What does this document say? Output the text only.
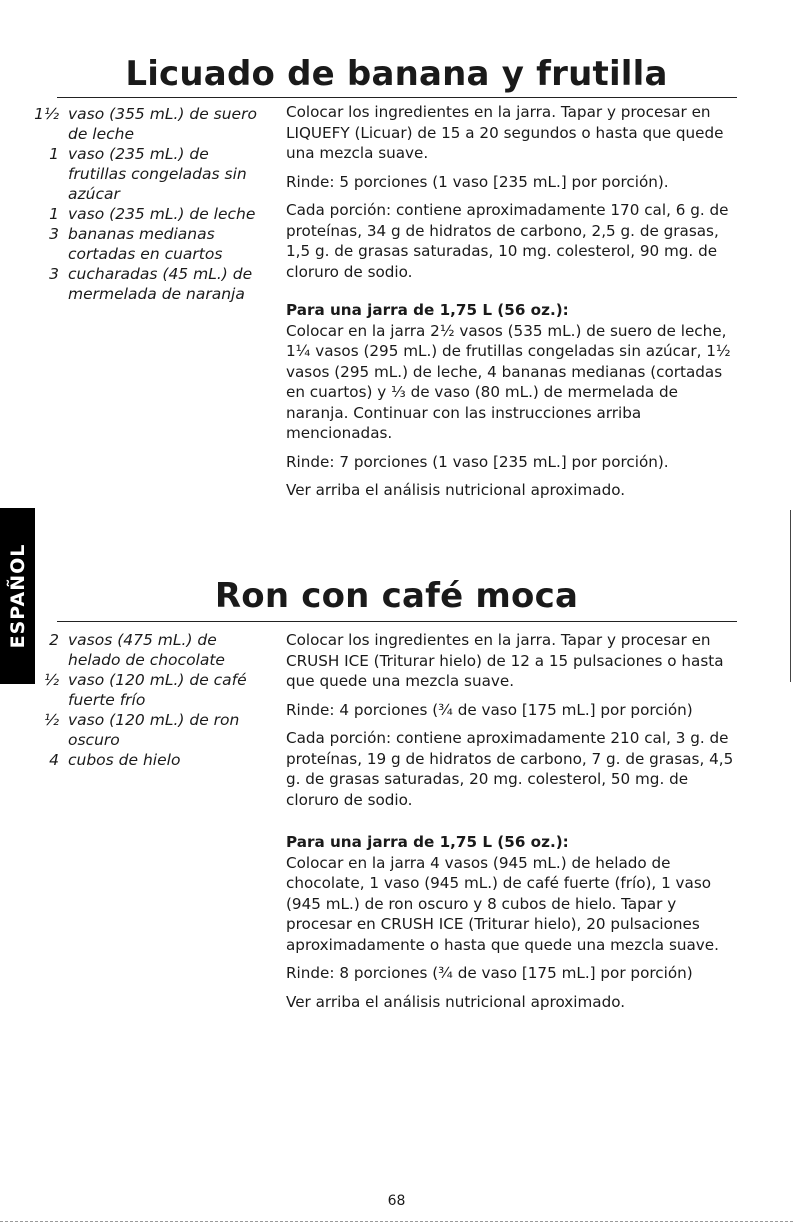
Licuado de banana y frutilla
1½ vaso (355 mL.) de suero de leche
1 vaso (235 mL.) de frutillas congeladas sin azúcar
1 vaso (235 mL.) de leche
3 bananas medianas cortadas en cuartos
3 cucharadas (45 mL.) de mermelada de naranja

Colocar los ingredientes en la jarra. Tapar y procesar en LIQUEFY (Licuar) de 15 a 20 segundos o hasta que quede una mezcla suave.

Rinde: 5 porciones (1 vaso [235 mL.] por porción).

Cada porción: contiene aproximadamente 170 cal, 6 g. de proteínas, 34 g de hidratos de carbono, 2,5 g. de grasas, 1,5 g. de grasas saturadas, 10 mg. colesterol, 90 mg. de cloruro de sodio.

Para una jarra de 1,75 L (56 oz.):

Colocar en la jarra 2½ vasos (535 mL.) de suero de leche, 1¼ vasos (295 mL.) de frutillas congeladas sin azúcar, 1½ vasos (295 mL.) de leche, 4 bananas medianas (cortadas en cuartos) y ⅓ de vaso (80 mL.) de mermelada de naranja. Continuar con las instrucciones arriba mencionadas.

Rinde: 7 porciones (1 vaso [235 mL.] por porción).

Ver arriba el análisis nutricional aproximado.

ESPAÑOL	Ron con café moca
2 vasos (475 mL.) de helado de chocolate
½ vaso (120 mL.) de café fuerte frío
½ vaso (120 mL.) de ron oscuro
4 cubos de hielo

Colocar los ingredientes en la jarra. Tapar y procesar en CRUSH ICE (Triturar hielo) de 12 a 15 pulsaciones o hasta que quede una mezcla suave.

Rinde: 4 porciones (¾ de vaso [175 mL.] por porción)

Cada porción: contiene aproximadamente 210 cal, 3 g. de proteínas, 19 g de hidratos de carbono, 7 g. de grasas, 4,5 g. de grasas saturadas, 20 mg. colesterol, 50 mg. de cloruro de sodio.

Para una jarra de 1,75 L (56 oz.):

Colocar en la jarra 4 vasos (945 mL.) de helado de chocolate, 1 vaso (945 mL.) de café fuerte (frío), 1 vaso (945 mL.) de ron oscuro y 8 cubos de hielo. Tapar y procesar en CRUSH ICE (Triturar hielo), 20 pulsaciones aproximadamente o hasta que quede una mezcla suave.

Rinde: 8 porciones (¾ de vaso [175 mL.] por porción)

Ver arriba el análisis nutricional aproximado.

68
